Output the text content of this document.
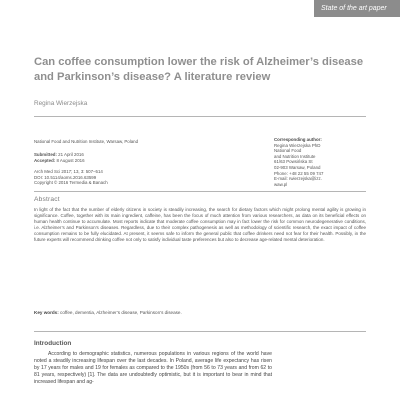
State of the art paper
Can coffee consumption lower the risk of Alzheimer’s disease and Parkinson’s disease? A literature review

Regina Wierzejska

National Food and Nutrition Institute, Warsaw, Poland

Submitted: 21 April 2016
Accepted: 8 August 2016
Arch Med Sci 2017; 13, 3: 507–514
DOI: 10.5114/aoms.2016.63599
Copyright © 2016 Termedia & Banach
Corresponding author:
Regina Wierzejska PhD
National Food
and Nutrition Institute
61/63 Powsińska St
02-903 Warsaw, Poland
Phone: +48 22 55 09 747
E-mail: rwierzejska@izz.
waw.pl

Abstract

In light of the fact that the number of elderly citizens in society is steadily increasing, the search for dietary factors which might prolong mental agility is growing in significance. Coffee, together with its main ingredient, caffeine, has been the focus of much attention from various researchers, as data on its beneficial effects on human health continue to accumulate. Most reports indicate that moderate coffee consumption may in fact lower the risk for common neurodegenerative conditions, i.e. Alzheimer’s and Parkinson’s diseases. Regardless, due to their complex pathogenesis as well as methodology of scientific research, the exact impact of coffee consumption remains to be fully elucidated. At present, it seems safe to inform the general public that coffee drinkers need not fear for their health. Possibly, in the future experts will recommend drinking coffee not only to satisfy individual taste preferences but also to decrease age-related mental deterioration.

Key words: coffee, dementia, Alzheimer’s disease, Parkinson’s disease.

Introduction

According to demographic statistics, numerous populations in various regions of the world have noted a steadily increasing lifespan over the last decades. In Poland, average life expectancy has risen by 17 years for males and 19 for females as compared to the 1950s (from 56 to 73 years and from 62 to 81 years, respectively) [1]. The data are undoubtedly optimistic, but it is important to bear in mind that increased lifespan and ag-
